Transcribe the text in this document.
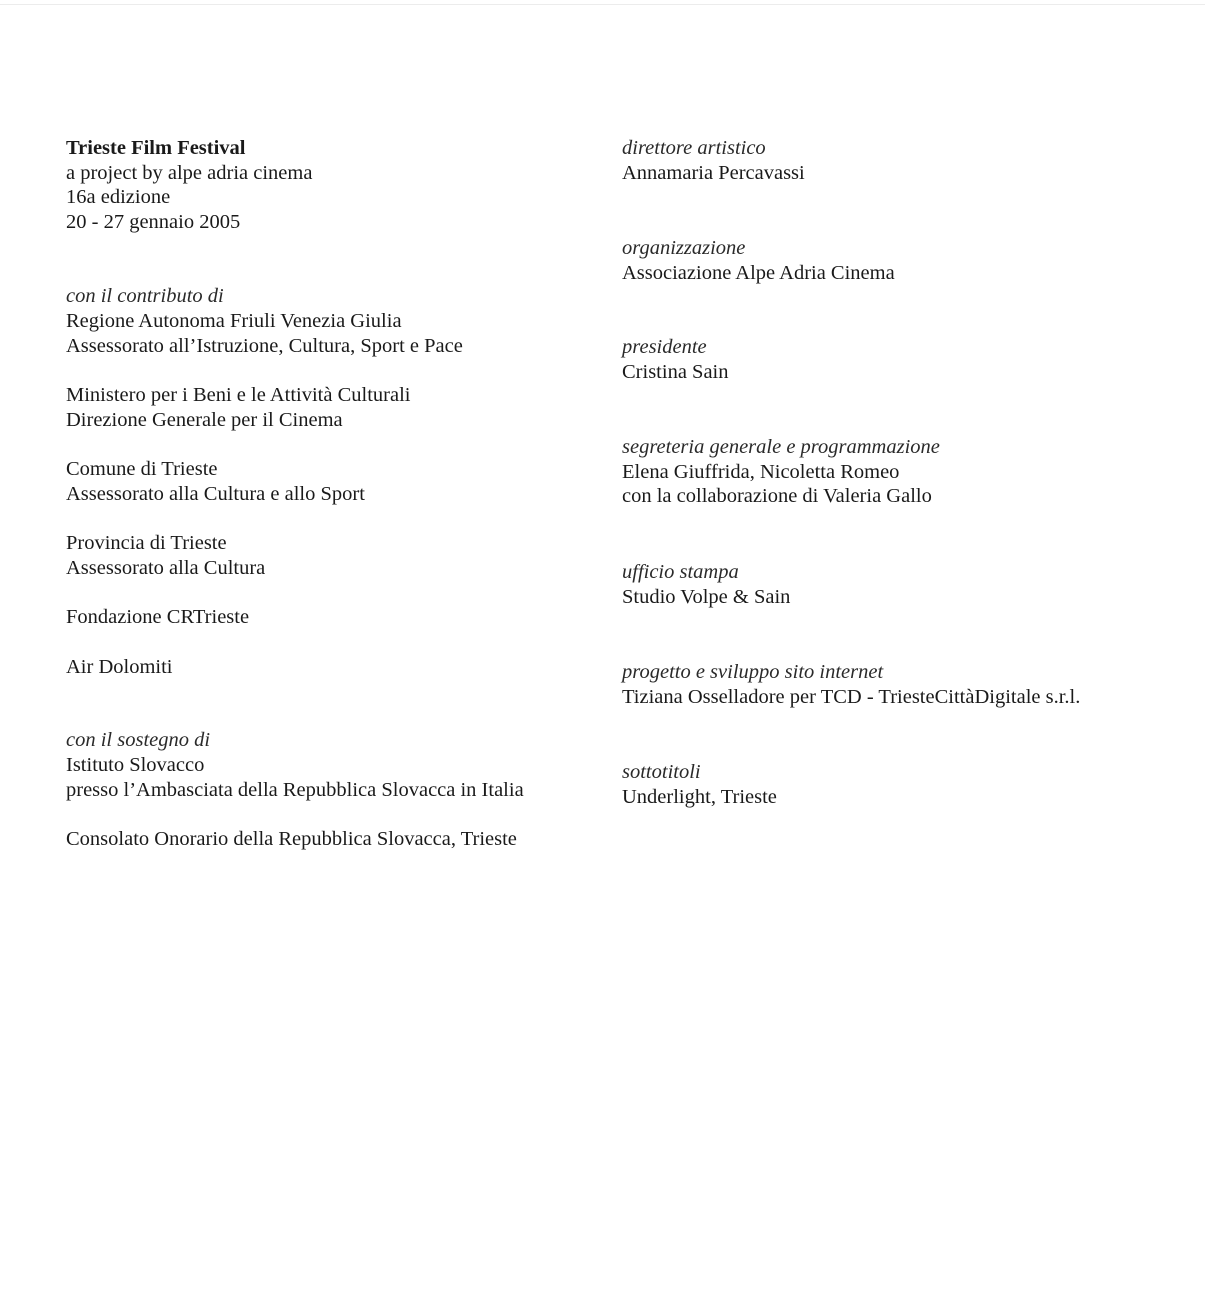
Trieste Film Festival

a project by alpe adria cinema

16a edizione

20 - 27 gennaio 2005

con il contributo di

Regione Autonoma Friuli Venezia Giulia

Assessorato all’Istruzione, Cultura, Sport e Pace

Ministero per i Beni e le Attività Culturali

Direzione Generale per il Cinema

Comune di Trieste

Assessorato alla Cultura e allo Sport

Provincia di Trieste

Assessorato alla Cultura

Fondazione CRTrieste

Air Dolomiti

con il sostegno di

Istituto Slovacco

presso l’Ambasciata della Repubblica Slovacca in Italia

Consolato Onorario della Repubblica Slovacca, Trieste

direttore artistico

Annamaria Percavassi

organizzazione

Associazione Alpe Adria Cinema

presidente

Cristina Sain

segreteria generale e programmazione

Elena Giuffrida, Nicoletta Romeo

con la collaborazione di Valeria Gallo

ufficio stampa

Studio Volpe & Sain

progetto e sviluppo sito internet

Tiziana Osselladore per TCD - TriesteCittàDigitale s.r.l.

sottotitoli

Underlight, Trieste
